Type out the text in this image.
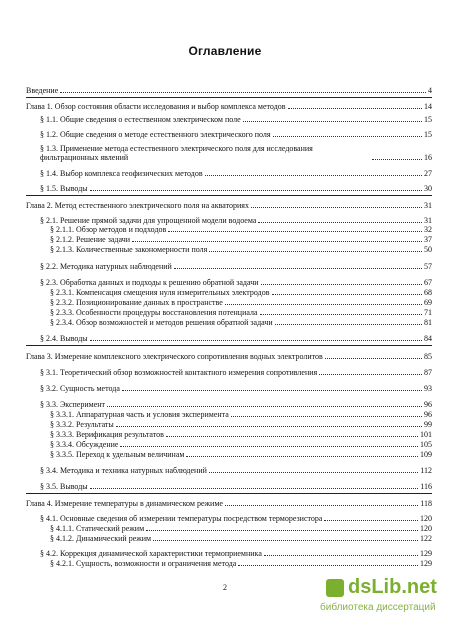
Оглавление
Введение	4
Глава 1. Обзор состояния области исследования и выбор комплекса методов	14
§ 1.1. Общие сведения о естественном электрическом поле	15
§ 1.2. Общие сведения о методе естественного электрического поля	15
§ 1.3. Применение метода естественного электрического поля для исследования фильтрационных явлений	16
§ 1.4. Выбор комплекса геофизических методов	27
§ 1.5. Выводы	30
Глава 2. Метод естественного электрического поля на акваториях	31
§ 2.1. Решение прямой задачи для упрощенной модели водоема	31
§ 2.1.1. Обзор методов и подходов	32
§ 2.1.2. Решение задачи	37
§ 2.1.3. Количественные закономерности поля	50
§ 2.2. Методика натурных наблюдений	57
§ 2.3. Обработка данных и подходы к решению обратной задачи	67
§ 2.3.1. Компенсация смещения нуля измерительных электродов	68
§ 2.3.2. Позиционирование данных в пространстве	69
§ 2.3.3. Особенности процедуры восстановления потенциала	71
§ 2.3.4. Обзор возможностей и методов решения обратной задачи	81
§ 2.4. Выводы	84
Глава 3. Измерение комплексного электрического сопротивления водных электролитов	85
§ 3.1. Теоретический обзор возможностей контактного измерения сопротивления	87
§ 3.2. Сущность метода	93
§ 3.3. Эксперимент	96
§ 3.3.1. Аппаратурная часть и условия эксперимента	96
§ 3.3.2. Результаты	99
§ 3.3.3. Верификация результатов	101
§ 3.3.4. Обсуждение	105
§ 3.3.5. Переход к удельным величинам	109
§ 3.4. Методика и техника натурных наблюдений	112
§ 3.5. Выводы	116
Глава 4. Измерение температуры в динамическом режиме	118
§ 4.1. Основные сведения об измерении температуры посредством терморезистора	120
§ 4.1.1. Статический режим	120
§ 4.1.2. Динамический режим	122
§ 4.2. Коррекция динамической характеристики термоприемника	129
§ 4.2.1. Сущность, возможности и ограничения метода	129
2	dsLib.net
библиотека диссертаций
